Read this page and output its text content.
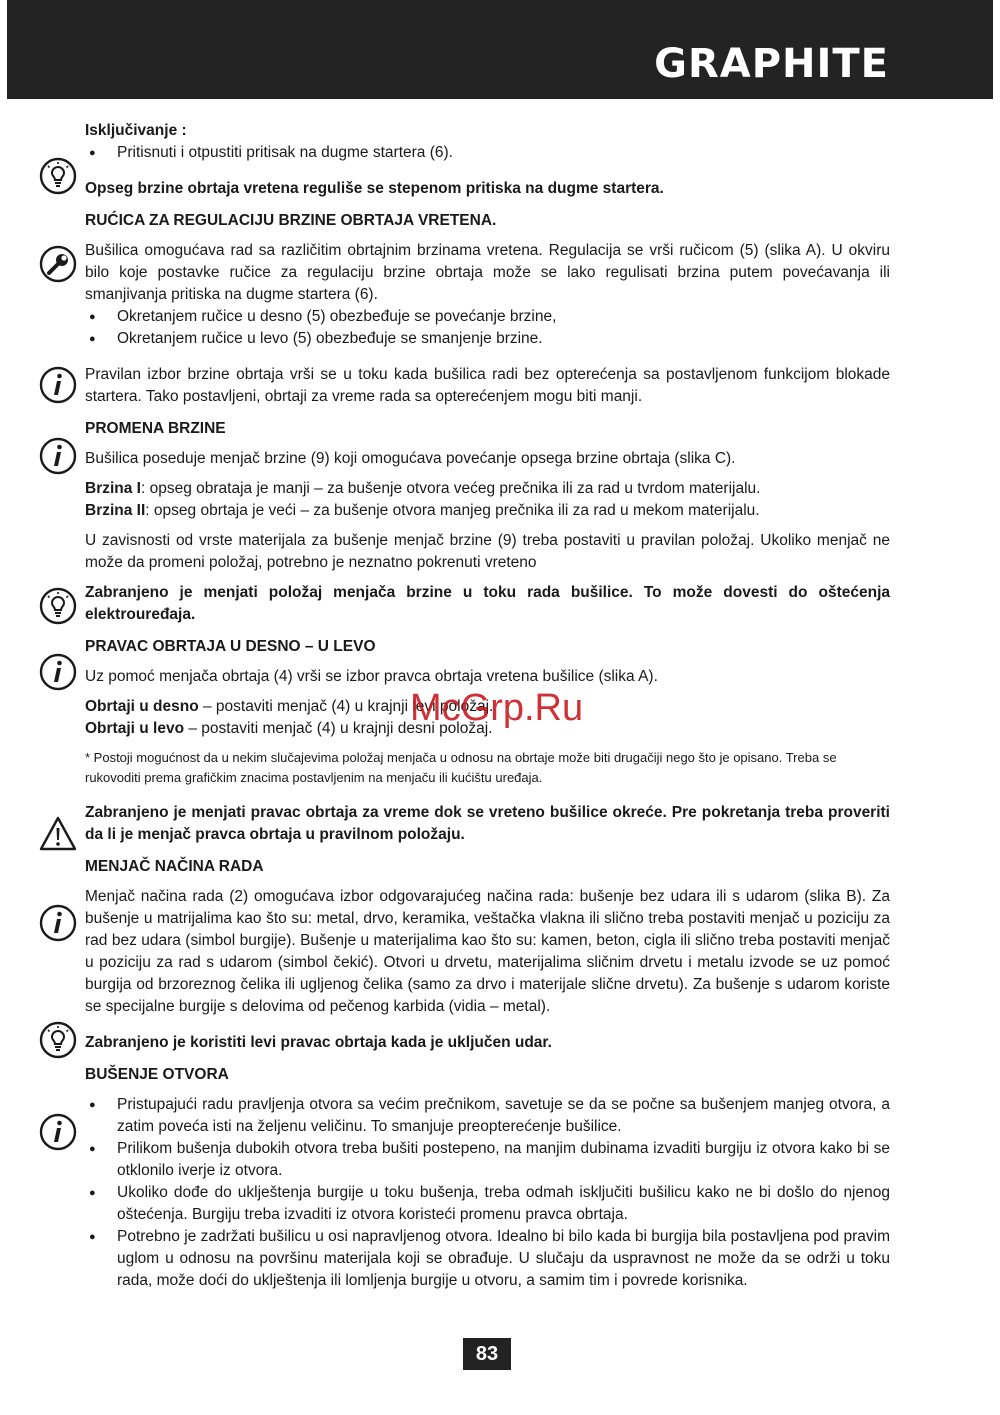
GRAPHITE

Isključivanje :

● Pritisnuti i otpustiti pritisak na dugme startera (6).

Opseg brzine obrtaja vretena reguliše se stepenom pritiska na dugme startera.

RUĆICA ZA REGULACIJU BRZINE OBRTAJA VRETENA.

Bušilica omogućava rad sa različitim obrtajnim brzinama vretena. Regulacija se vrši ručicom (5) (slika A). U okviru bilo koje postavke ručice za regulaciju brzine obrtaja može se lako regulisati brzina putem povećavanja ili smanjivanja pritiska na dugme startera (6).

● Okretanjem ručice u desno (5) obezbeđuje se povećanje brzine,
● Okretanjem ručice u levo (5) obezbeđuje se smanjenje brzine.

Pravilan izbor brzine obrtaja vrši se u toku kada bušilica radi bez opterećenja sa postavljenom funkcijom blokade startera. Tako postavljeni, obrtaji za vreme rada sa opterećenjem mogu biti manji.

PROMENA BRZINE

Bušilica poseduje menjač brzine (9) koji omogućava povećanje opsega brzine obrtaja (slika C).

Brzina I: opseg obrataja je manji – za bušenje otvora većeg prečnika ili za rad u tvrdom materijalu.

Brzina II: opseg obrtaja je veći – za bušenje otvora manjeg prečnika ili za rad u mekom materijalu.

U zavisnosti od vrste materijala za bušenje menjač brzine (9) treba postaviti u pravilan položaj. Ukoliko menjač ne može da promeni položaj, potrebno je neznatno pokrenuti vreteno

Zabranjeno je menjati položaj menjača brzine u toku rada bušilice. To može dovesti do oštećenja elektrouređaja.

PRAVAC OBRTAJA U DESNO – U LEVO

Uz pomoć menjača obrtaja (4) vrši se izbor pravca obrtaja vretena bušilice (slika A).

Obrtaji u desno – postaviti menjač (4) u krajnji levi položaj.

Obrtaji u levo – postaviti menjač (4) u krajnji desni položaj.

* Postoji mogućnost da u nekim slučajevima položaj menjača u odnosu na obrtaje može biti drugačiji nego što je opisano. Treba se rukovoditi prema grafičkim znacima postavljenim na menjaču ili kućištu uređaja.

Zabranjeno je menjati pravac obrtaja za vreme dok se vreteno bušilice okreće. Pre pokretanja treba proveriti da li je menjač pravca obrtaja u pravilnom položaju.

MENJAČ NAČINA RADA

Menjač načina rada (2) omogućava izbor odgovarajućeg načina rada: bušenje bez udara ili s udarom (slika B). Za bušenje u matrijalima kao što su: metal, drvo, keramika, veštačka vlakna ili slično treba postaviti menjač u poziciju za rad bez udara (simbol burgije). Bušenje u materijalima kao što su: kamen, beton, cigla ili slično treba postaviti menjač u poziciju za rad s udarom (simbol čekić). Otvori u drvetu, materijalima sličnim drvetu i metalu izvode se uz pomoć burgija od brzoreznog čelika ili ugljenog čelika (samo za drvo i materijale slične drvetu). Za bušenje s udarom koriste se specijalne burgije s delovima od pečenog karbida (vidia – metal).

Zabranjeno je koristiti levi pravac obrtaja kada je uključen udar.

BUŠENJE OTVORA

● Pristupajući radu pravljenja otvora sa većim prečnikom, savetuje se da se počne sa bušenjem manjeg otvora, a zatim poveća isti na željenu veličinu. To smanjuje preopterećenje bušilice.
● Prilikom bušenja dubokih otvora treba bušiti postepeno, na manjim dubinama izvaditi burgiju iz otvora kako bi se otklonilo iverje iz otvora.
● Ukoliko dođe do uklještenja burgije u toku bušenja, treba odmah isključiti bušilicu kako ne bi došlo do njenog oštećenja. Burgiju treba izvaditi iz otvora koristeći promenu pravca obrtaja.
● Potrebno je zadržati bušilicu u osi napravljenog otvora. Idealno bi bilo kada bi burgija bila postavljena pod pravim uglom u odnosu na površinu materijala koji se obrađuje. U slučaju da uspravnost ne može da se održi u toku rada, može doći do uklještenja ili lomljenja burgije u otvoru, a samim tim i povrede korisnika.
McGrp.Ru
83
